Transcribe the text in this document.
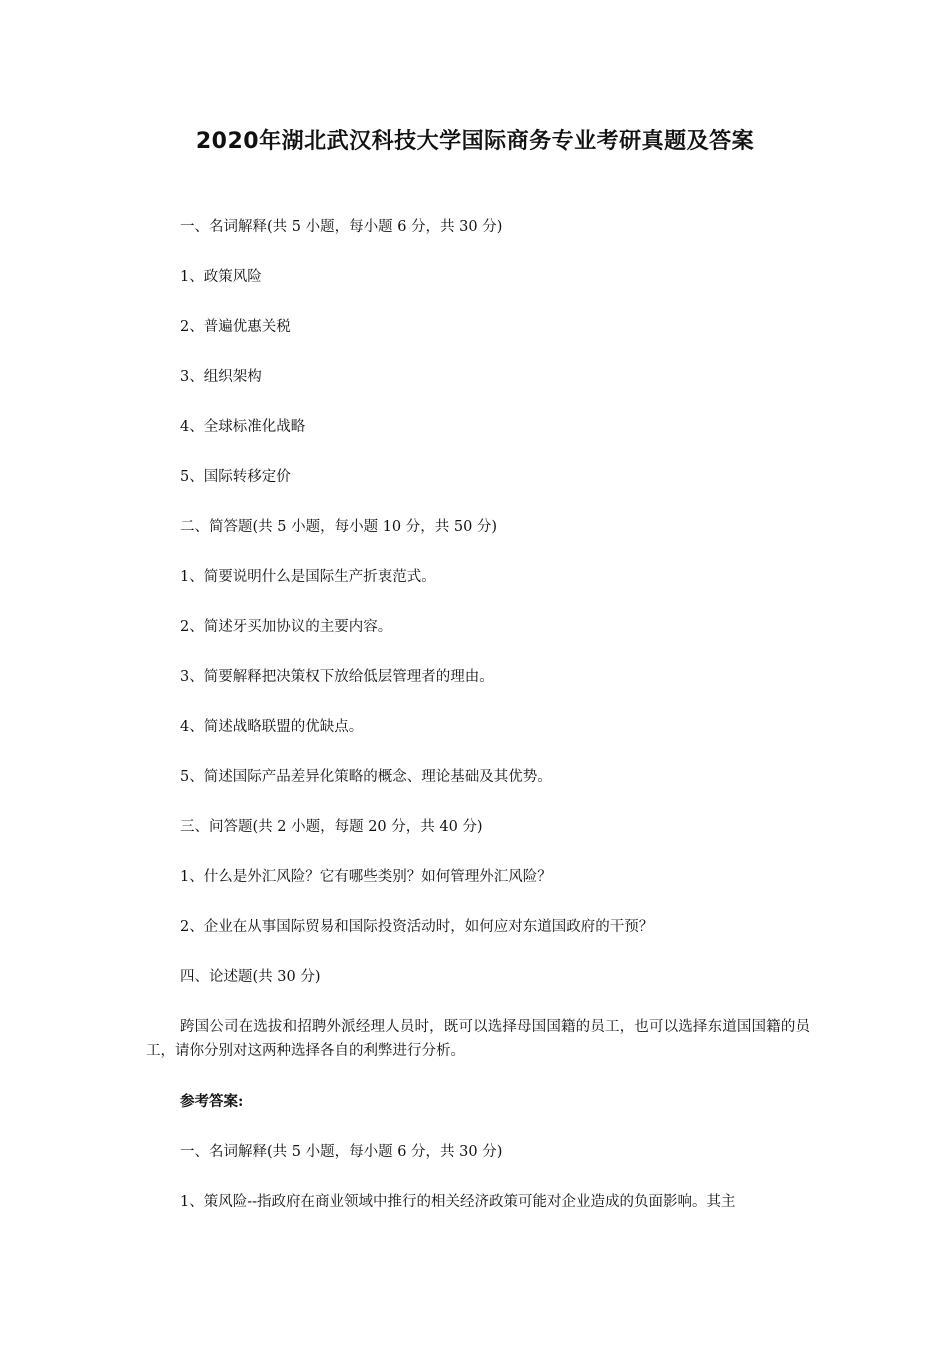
2020年湖北武汉科技大学国际商务专业考研真题及答案
一、名词解释(共 5 小题，每小题 6 分，共 30 分)
1、政策风险
2、普遍优惠关税
3、组织架构
4、全球标准化战略
5、国际转移定价
二、简答题(共 5 小题，每小题 10 分，共 50 分)
1、简要说明什么是国际生产折衷范式。
2、简述牙买加协议的主要内容。
3、简要解释把决策权下放给低层管理者的理由。
4、简述战略联盟的优缺点。
5、简述国际产品差异化策略的概念、理论基础及其优势。
三、问答题(共 2 小题，每题 20 分，共 40 分)
1、什么是外汇风险？它有哪些类别？如何管理外汇风险？
2、企业在从事国际贸易和国际投资活动时，如何应对东道国政府的干预？
四、论述题(共 30 分)
跨国公司在选拔和招聘外派经理人员时，既可以选择母国国籍的员工，也可以选择东道国国籍的员工，请你分别对这两种选择各自的利弊进行分析。
参考答案:
一、名词解释(共 5 小题，每小题 6 分，共 30 分)
1、策风险--指政府在商业领域中推行的相关经济政策可能对企业造成的负面影响。其主
